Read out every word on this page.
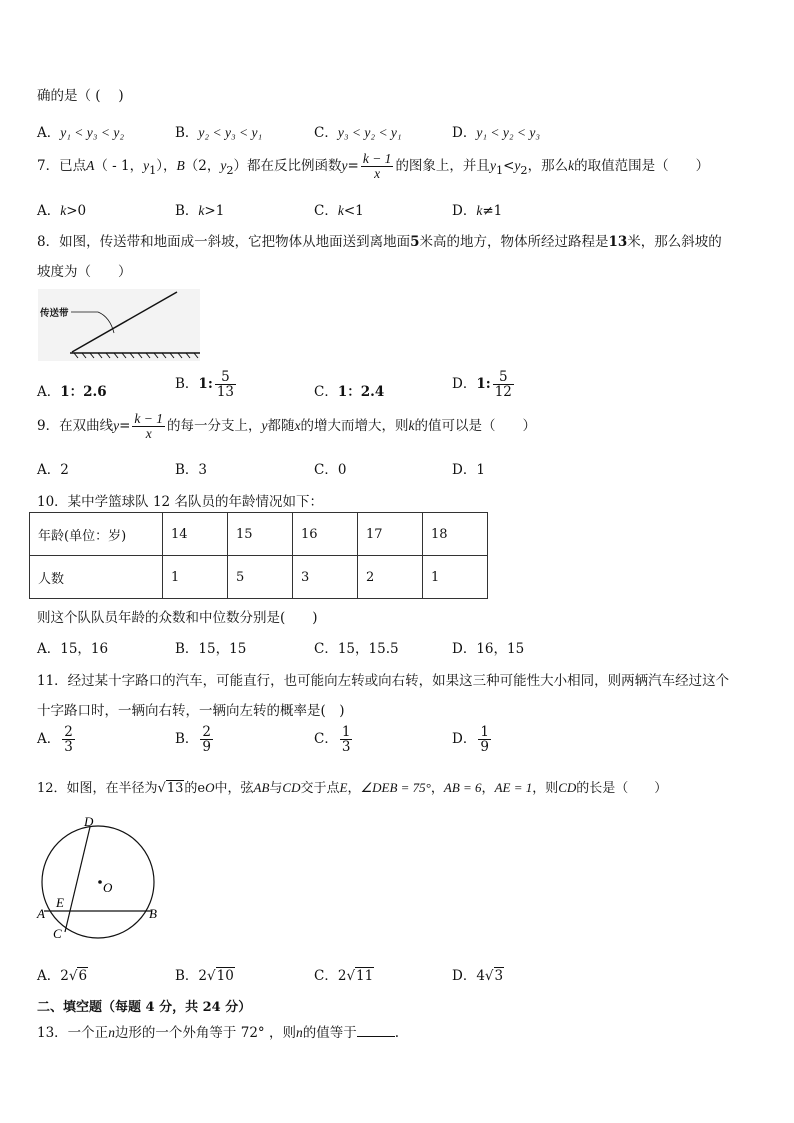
确的是（ ( 　)
A．y₁ < y₃ < y₂	B．y₂ < y₃ < y₁	C．y₃ < y₂ < y₁	D．y₁ < y₂ < y₃
7．已点A（ - 1，$y_1$），B（2，$y_2$）都在反比例函数$y= \frac{k - 1}{x}$ 的图象上，并且$y_1<y_2$，那么k的取值范围是（　　）
A．k>0	B．k>1	C．k<1	D．k≠1
8．如图，传送带和地面成一斜坡，它把物体从地面送到离地面5米高的地方，物体所经过路程是13米，那么斜坡的
坡度为（　　）
传送带
A．1：2.6	B．1: $\frac{5}{13}$	C．1：2.4	D．1: $\frac{5}{12}$
9．在双曲线$y= \frac{k - 1}{x}$ 的每一分支上，y都随x的增大而增大，则k的值可以是（　　）
A．2	B．3	C．0	D．1
10．某中学篮球队 12 名队员的年龄情况如下：
年龄(单位：岁)	14	15	16	17	18
人数	1	5	3	2	1
则这个队队员年龄的众数和中位数分别是(　　)
A．15，16	B．15，15	C．15，15.5	D．16，15
11．经过某十字路口的汽车，可能直行，也可能向左转或向右转，如果这三种可能性大小相同，则两辆汽车经过这个
十字路口时，一辆向右转，一辆向左转的概率是(　)
A． $\frac{2}{3}$	B． $\frac{2}{9}$	C． $\frac{1}{3}$	D． $\frac{1}{9}$
12．如图，在半径为√13的eO中，弦AB与CD交于点E，∠DEB = 75°，AB = 6，AE = 1，则CD的长是（　　）
D
O
A
E
B
C
A．2√6	B．2√10	C．2√11	D．4√3
二、填空题（每题 4 分，共 24 分）
13．一个正n边形的一个外角等于 72° ，则n的值等于	.
